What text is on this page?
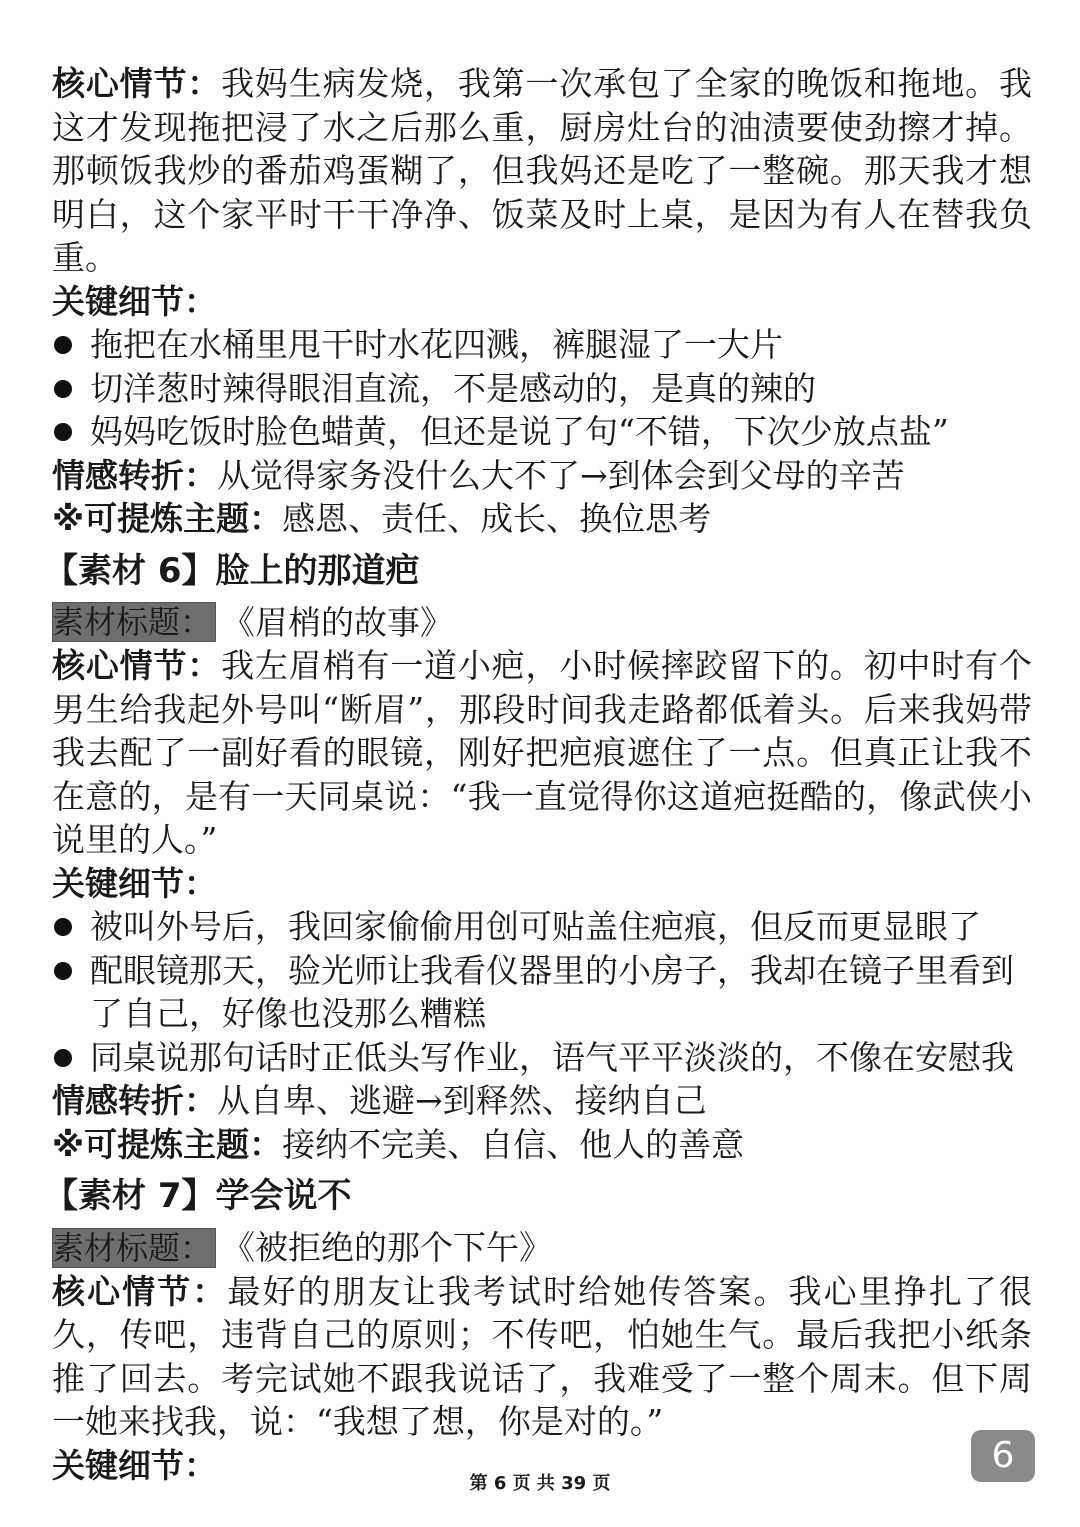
核心情节：我妈生病发烧，我第一次承包了全家的晚饭和拖地。我这才发现拖把浸了水之后那么重，厨房灶台的油渍要使劲擦才掉。那顿饭我炒的番茄鸡蛋糊了，但我妈还是吃了一整碗。那天我才想明白，这个家平时干干净净、饭菜及时上桌，是因为有人在替我负重。

关键细节：

拖把在水桶里甩干时水花四溅，裤腿湿了一大片
切洋葱时辣得眼泪直流，不是感动的，是真的辣的
妈妈吃饭时脸色蜡黄，但还是说了句“不错，下次少放点盐”

情感转折：从觉得家务没什么大不了→到体会到父母的辛苦

※可提炼主题：感恩、责任、成长、换位思考

【素材 6】脸上的那道疤

素材标题： 《眉梢的故事》

核心情节：我左眉梢有一道小疤，小时候摔跤留下的。初中时有个男生给我起外号叫“断眉”，那段时间我走路都低着头。后来我妈带我去配了一副好看的眼镜，刚好把疤痕遮住了一点。但真正让我不在意的，是有一天同桌说：“我一直觉得你这道疤挺酷的，像武侠小说里的人。”

关键细节：

被叫外号后，我回家偷偷用创可贴盖住疤痕，但反而更显眼了
配眼镜那天，验光师让我看仪器里的小房子，我却在镜子里看到了自己，好像也没那么糟糕
同桌说那句话时正低头写作业，语气平平淡淡的，不像在安慰我

情感转折：从自卑、逃避→到释然、接纳自己

※可提炼主题：接纳不完美、自信、他人的善意

【素材 7】学会说不

素材标题： 《被拒绝的那个下午》

核心情节：最好的朋友让我考试时给她传答案。我心里挣扎了很久，传吧，违背自己的原则；不传吧，怕她生气。最后我把小纸条推了回去。考完试她不跟我说话了，我难受了一整个周末。但下周一她来找我，说：“我想了想，你是对的。”

关键细节：	第 6 页 共 39 页
6
